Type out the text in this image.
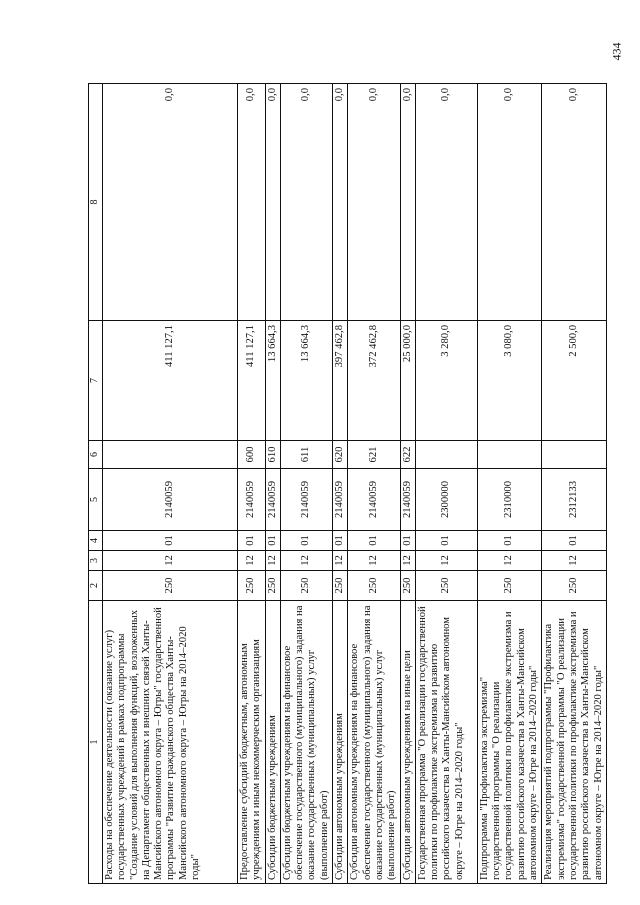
434
1	2	3	4	5	6	7	8
Расходы на обеспечение деятельности (оказание услуг) государственных учреждений в рамках подпрограммы "Создание условий для выполнения функций, возложенных на Департамент общественных и внешних связей Ханты-Мансийского автономного округа – Югры" государственной программы "Развитие гражданского общества Ханты-Мансийского автономного округа – Югры на 2014–2020 годы"	250	12	01	2140059		411 127,1	0,0
Предоставление субсидий бюджетным, автономным учреждениям и иным некоммерческим организациям	250	12	01	2140059	600	411 127,1	0,0
Субсидии бюджетным учреждениям	250	12	01	2140059	610	13 664,3	0,0
Субсидии бюджетным учреждениям на финансовое обеспечение государственного (муниципального) задания на оказание государственных (муниципальных) услуг (выполнение работ)	250	12	01	2140059	611	13 664,3	0,0
Субсидии автономным учреждениям	250	12	01	2140059	620	397 462,8	0,0
Субсидии автономным учреждениям на финансовое обеспечение государственного (муниципального) задания на оказание государственных (муниципальных) услуг (выполнение работ)	250	12	01	2140059	621	372 462,8	0,0
Субсидии автономным учреждениям на иные цели	250	12	01	2140059	622	25 000,0	0,0
Государственная программа "О реализации государственной политики по профилактике экстремизма и развитию российского казачества в Ханты-Мансийском автономном округе – Югре на 2014–2020 годы"	250	12	01	2300000		3 280,0	0,0
Подпрограмма "Профилактика экстремизма" государственной программы "О реализации государственной политики по профилактике экстремизма и развитию российского казачества в Ханты-Мансийском автономном округе – Югре на 2014–2020 годы"	250	12	01	2310000		3 080,0	0,0
Реализация мероприятий подпрограммы "Профилактика экстремизма" государственной программы "О реализации государственной политики по профилактике экстремизма и развитию российского казачества в Ханты-Мансийском автономном округе – Югре на 2014–2020 годы"	250	12	01	2312133		2 500,0	0,0
